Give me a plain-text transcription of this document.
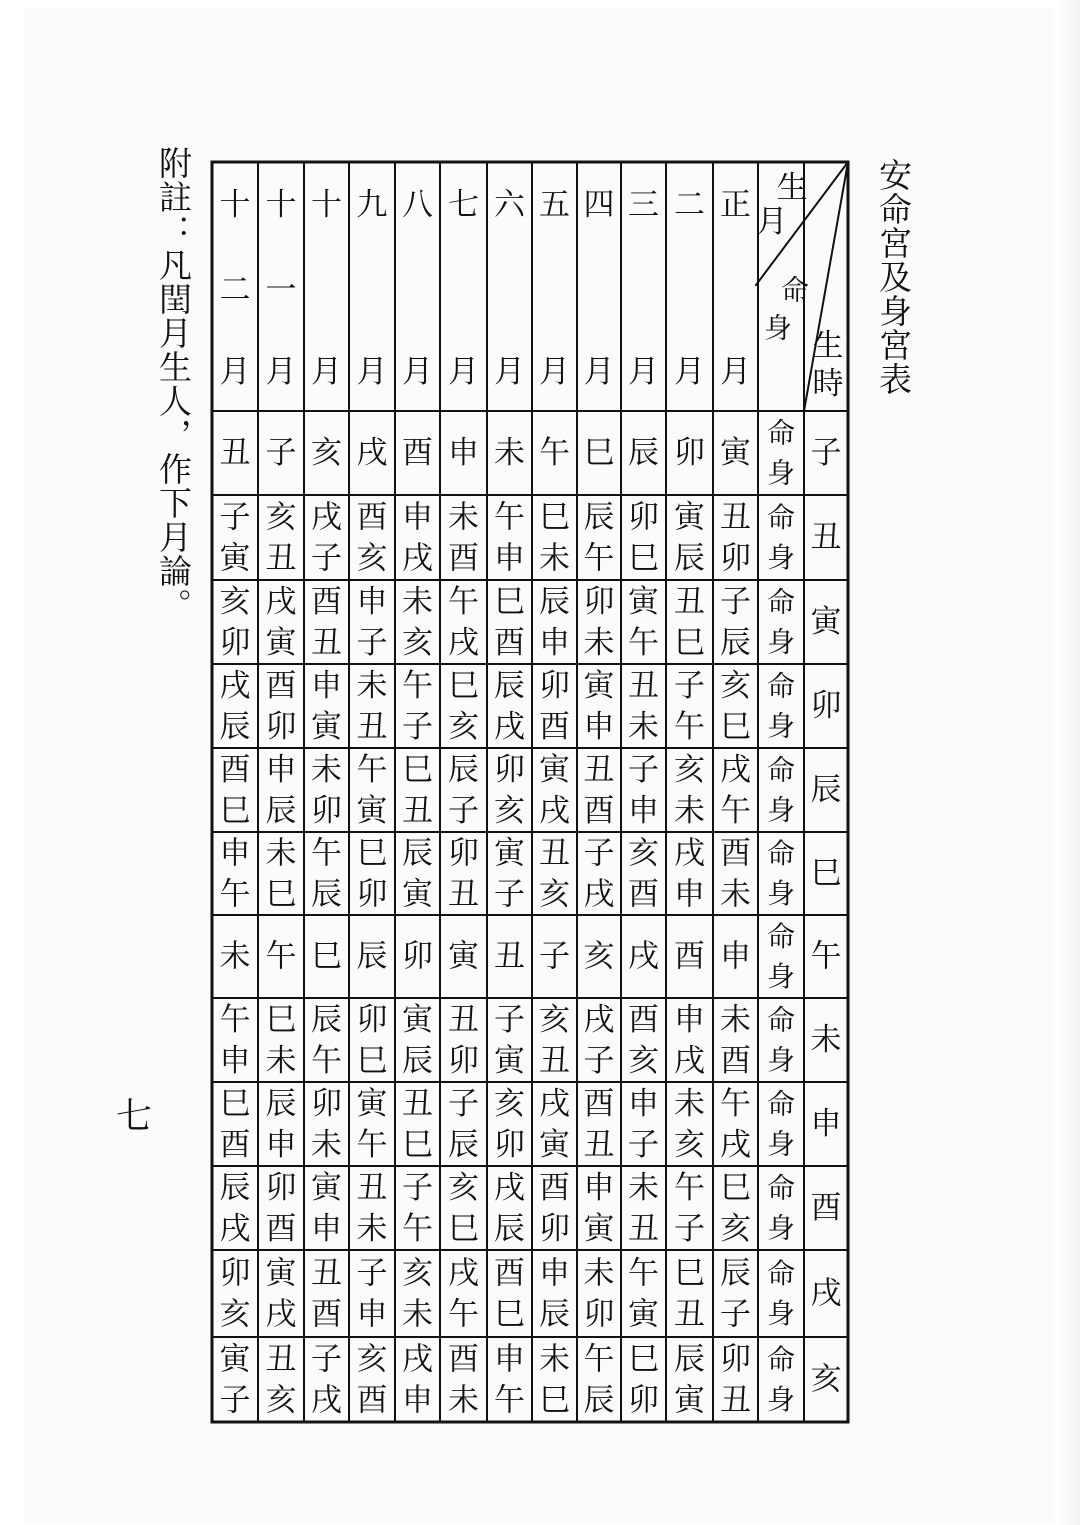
安命宮及身宮表
附註：凡閏月生人，作下月論。
七
生
月
命
身 生
時
十
二
月
十
一
月
十
月
九
月
八
月
七
月
六
月
五
月
四
月
三
月
二
月
正
月
子
命
身
丑 子 亥 戌 酉 申 未 午 巳 辰 卯 寅
丑
命
身
子
寅
亥
丑
戌
子
酉
亥
申
戌
未
酉
午
申
巳
未
辰
午
卯
巳
寅
辰
丑
卯
寅
命
身
亥
卯
戌
寅
酉
丑
申
子
未
亥
午
戌
巳
酉
辰
申
卯
未
寅
午
丑
巳
子
辰
卯
命
身
戌
辰
酉
卯
申
寅
未
丑
午
子
巳
亥
辰
戌
卯
酉
寅
申
丑
未
子
午
亥
巳
辰
命
身
酉
巳
申
辰
未
卯
午
寅
巳
丑
辰
子
卯
亥
寅
戌
丑
酉
子
申
亥
未
戌
午
巳
命
身
申
午
未
巳
午
辰
巳
卯
辰
寅
卯
丑
寅
子
丑
亥
子
戌
亥
酉
戌
申
酉
未
午
命
身
未 午 巳 辰 卯 寅 丑 子 亥 戌 酉 申
未
命
身
午
申
巳
未
辰
午
卯
巳
寅
辰
丑
卯
子
寅
亥
丑
戌
子
酉
亥
申
戌
未
酉
申
命
身
巳
酉
辰
申
卯
未
寅
午
丑
巳
子
辰
亥
卯
戌
寅
酉
丑
申
子
未
亥
午
戌
酉
命
身
辰
戌
卯
酉
寅
申
丑
未
子
午
亥
巳
戌
辰
酉
卯
申
寅
未
丑
午
子
巳
亥
戌
命
身
卯
亥
寅
戌
丑
酉
子
申
亥
未
戌
午
酉
巳
申
辰
未
卯
午
寅
巳
丑
辰
子
亥
命
身
寅
子
丑
亥
子
戌
亥
酉
戌
申
酉
未
申
午
未
巳
午
辰
巳
卯
辰
寅
卯
丑
